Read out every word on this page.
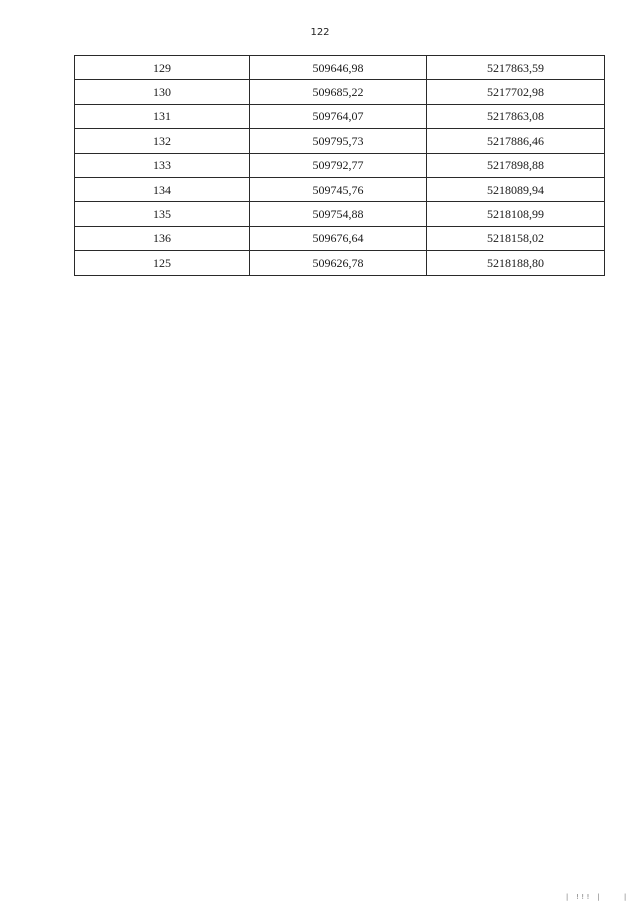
122
129	509646,98	5217863,59
130	509685,22	5217702,98
131	509764,07	5217863,08
132	509795,73	5217886,46
133	509792,77	5217898,88
134	509745,76	5218089,94
135	509754,88	5218108,99
136	509676,64	5218158,02
125	509626,78	5218188,80
| !!! |	|
